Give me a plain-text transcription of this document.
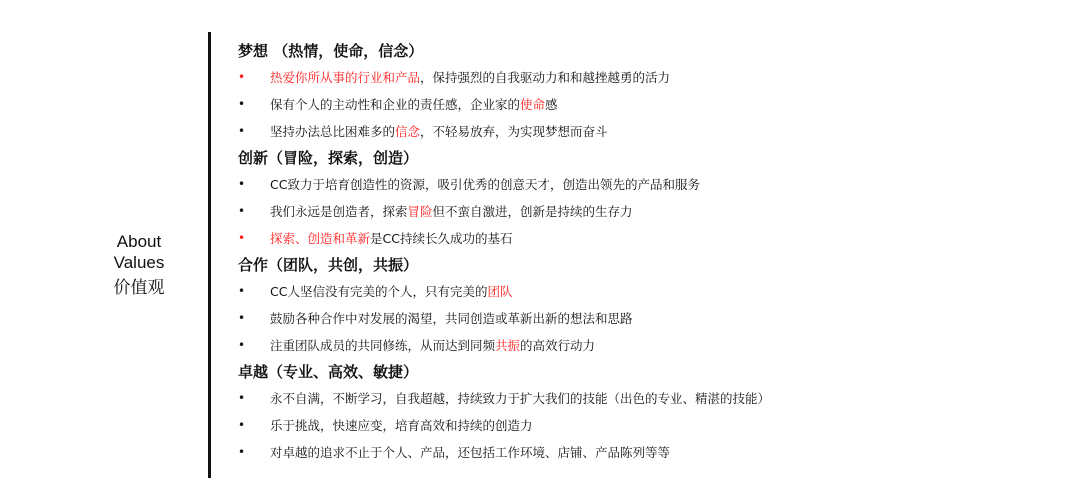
About
Values
价值观
梦想 （热情，使命，信念）
• 热爱你所从事的行业和产品，保持强烈的自我驱动力和和越挫越勇的活力
• 保有个人的主动性和企业的责任感，企业家的使命感
• 坚持办法总比困难多的信念，不轻易放弃，为实现梦想而奋斗
创新（冒险，探索，创造）
• CC致力于培育创造性的资源，吸引优秀的创意天才，创造出领先的产品和服务
• 我们永远是创造者，探索冒险但不蛮自激进，创新是持续的生存力
• 探索、创造和革新是CC持续长久成功的基石
合作（团队，共创，共振）
• CC人坚信没有完美的个人，只有完美的团队
• 鼓励各种合作中对发展的渴望，共同创造或革新出新的想法和思路
• 注重团队成员的共同修练，从而达到同频共振的高效行动力
卓越（专业、高效、敏捷）
• 永不自满，不断学习，自我超越，持续致力于扩大我们的技能（出色的专业、精湛的技能）
• 乐于挑战，快速应变，培育高效和持续的创造力
• 对卓越的追求不止于个人、产品，还包括工作环境、店铺、产品陈列等等
